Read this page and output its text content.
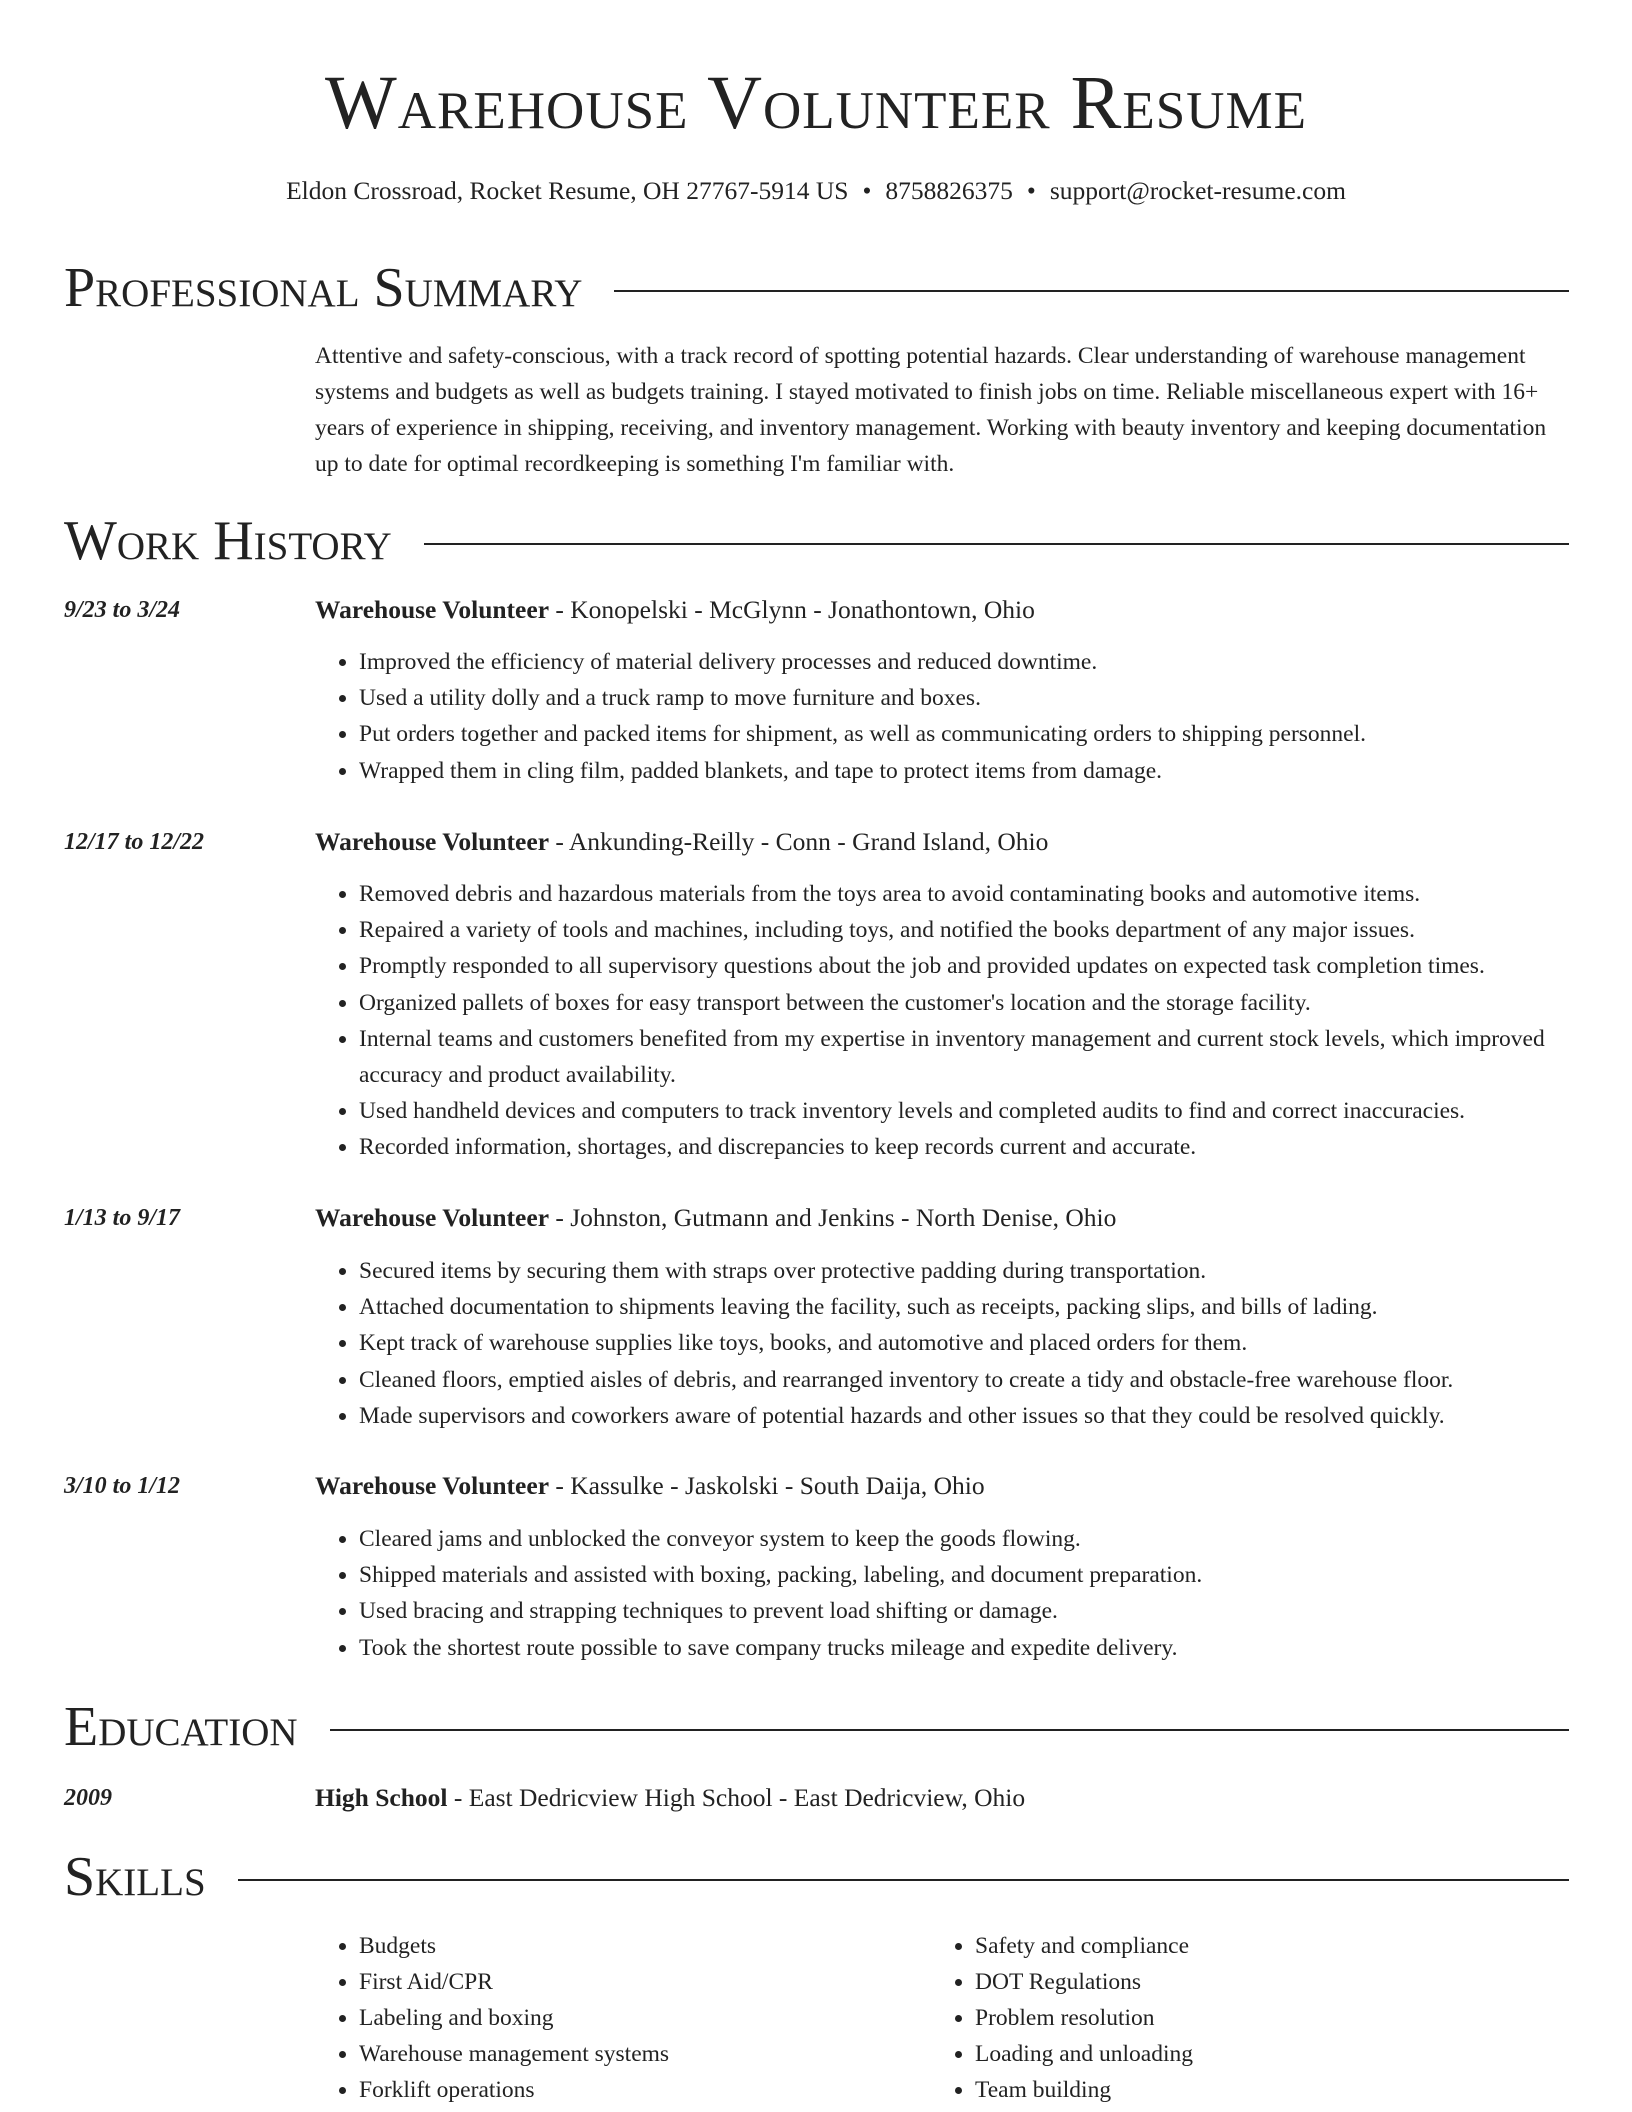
Warehouse Volunteer Resume
Eldon Crossroad, Rocket Resume, OH 27767-5914 US • 8758826375 • support@rocket-resume.com
Professional Summary
Attentive and safety-conscious, with a track record of spotting potential hazards. Clear understanding of warehouse management systems and budgets as well as budgets training. I stayed motivated to finish jobs on time. Reliable miscellaneous expert with 16+ years of experience in shipping, receiving, and inventory management. Working with beauty inventory and keeping documentation up to date for optimal recordkeeping is something I'm familiar with.
Work History
9/23 to 3/24	Warehouse Volunteer - Konopelski - McGlynn - Jonathontown, Ohio
• Improved the efficiency of material delivery processes and reduced downtime.
• Used a utility dolly and a truck ramp to move furniture and boxes.
• Put orders together and packed items for shipment, as well as communicating orders to shipping personnel.
• Wrapped them in cling film, padded blankets, and tape to protect items from damage.
12/17 to 12/22	Warehouse Volunteer - Ankunding-Reilly - Conn - Grand Island, Ohio
• Removed debris and hazardous materials from the toys area to avoid contaminating books and automotive items.
• Repaired a variety of tools and machines, including toys, and notified the books department of any major issues.
• Promptly responded to all supervisory questions about the job and provided updates on expected task completion times.
• Organized pallets of boxes for easy transport between the customer's location and the storage facility.
• Internal teams and customers benefited from my expertise in inventory management and current stock levels, which improved accuracy and product availability.
• Used handheld devices and computers to track inventory levels and completed audits to find and correct inaccuracies.
• Recorded information, shortages, and discrepancies to keep records current and accurate.
1/13 to 9/17	Warehouse Volunteer - Johnston, Gutmann and Jenkins - North Denise, Ohio
• Secured items by securing them with straps over protective padding during transportation.
• Attached documentation to shipments leaving the facility, such as receipts, packing slips, and bills of lading.
• Kept track of warehouse supplies like toys, books, and automotive and placed orders for them.
• Cleaned floors, emptied aisles of debris, and rearranged inventory to create a tidy and obstacle-free warehouse floor.
• Made supervisors and coworkers aware of potential hazards and other issues so that they could be resolved quickly.
3/10 to 1/12	Warehouse Volunteer - Kassulke - Jaskolski - South Daija, Ohio
• Cleared jams and unblocked the conveyor system to keep the goods flowing.
• Shipped materials and assisted with boxing, packing, labeling, and document preparation.
• Used bracing and strapping techniques to prevent load shifting or damage.
• Took the shortest route possible to save company trucks mileage and expedite delivery.
Education
2009	High School - East Dedricview High School - East Dedricview, Ohio
Skills
• Budgets
• First Aid/CPR
• Labeling and boxing
• Warehouse management systems
• Forklift operations
• Safety and compliance
• DOT Regulations
• Problem resolution
• Loading and unloading
• Team building
